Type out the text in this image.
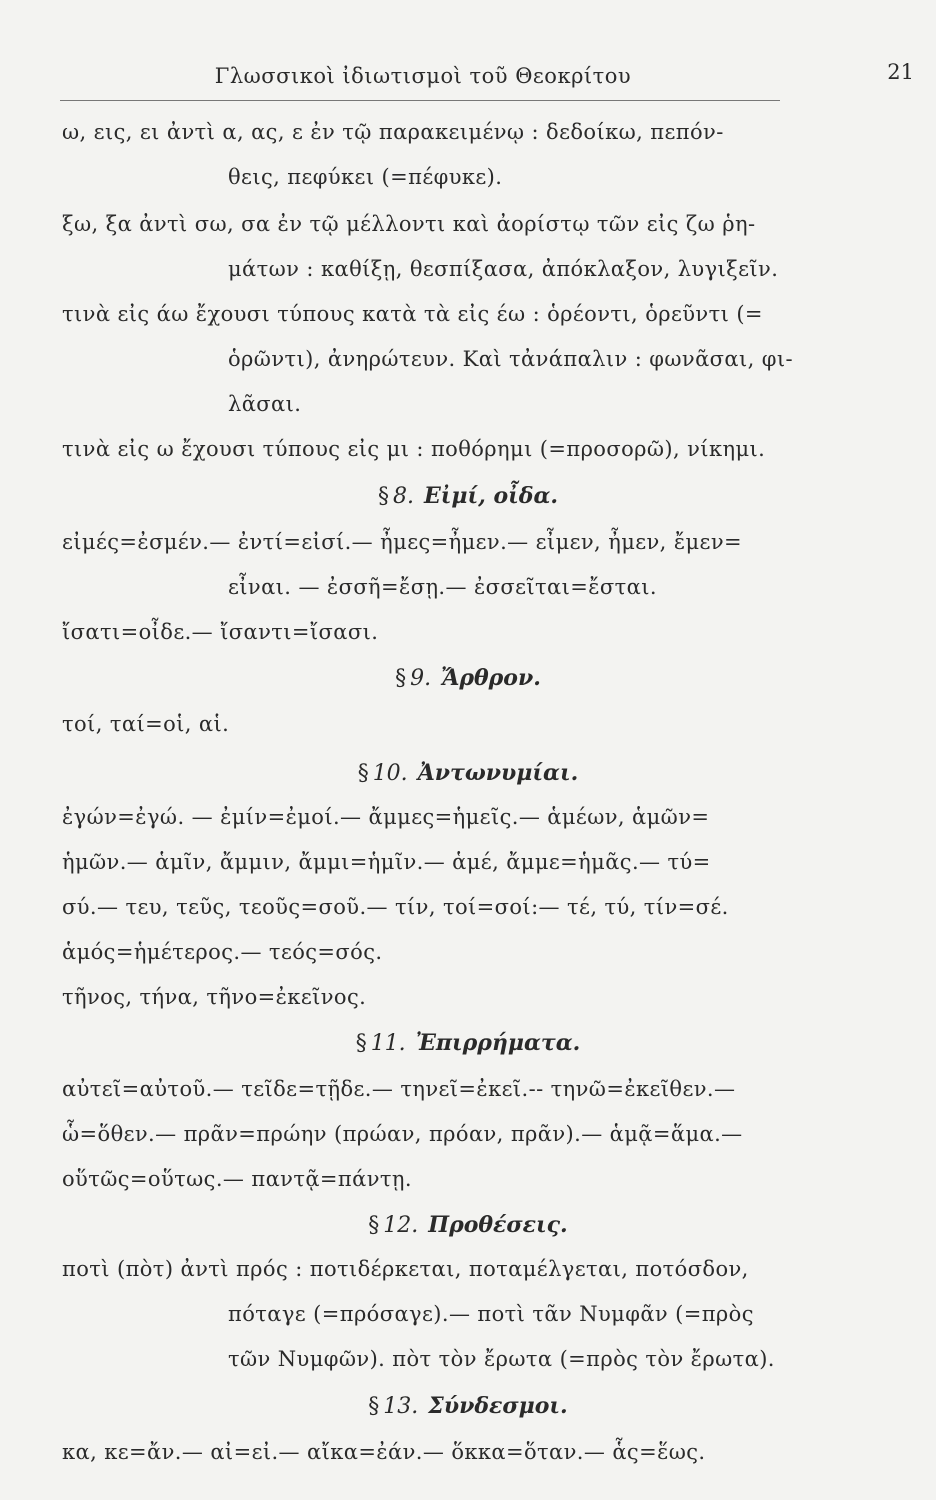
Γλωσσικοὶ ἰδιωτισμοὶ τοῦ Θεοκρίτου	21
ω, εις, ει ἀντὶ α, ας, ε ἐν τῷ παρακειμένῳ : δεδοίκω, πεπόν-
θεις, πεφύκει (=πέφυκε).
ξω, ξα ἀντὶ σω, σα ἐν τῷ μέλλοντι καὶ ἀορίστῳ τῶν εἰς ζω ῥη-
μάτων : καθίξῃ, θεσπίξασα, ἀπόκλαξον, λυγιξεῖν.
τινὰ εἰς άω ἔχουσι τύπους κατὰ τὰ εἰς έω : ὁρέοντι, ὁρεῦντι (=
ὁρῶντι), ἀνηρώτευν. Καὶ τἀνάπαλιν : φωνᾶσαι, φι-
λᾶσαι.
τινὰ εἰς ω ἔχουσι τύπους εἰς μι : ποθόρημι (=προσορῶ), νίκημι.
§ 8. Εἰμί, οἶδα.
εἰμές=ἐσμέν.— ἐντί=εἰσί.— ἦμες=ἦμεν.— εἶμεν, ἦμεν, ἔμεν=
εἶναι. — ἐσσῆ=ἔσῃ.— ἐσσεῖται=ἔσται.
ἴσατι=οἶδε.— ἴσαντι=ἴσασι.
§ 9. Ἄρθρον.
τοί, ταί=οἱ, αἱ.
§ 10. Ἀντωνυμίαι.
ἐγών=ἐγώ. — ἐμίν=ἐμοί.— ἄμμες=ἡμεῖς.— ἁμέων, ἁμῶν=
ἡμῶν.— ἁμῖν, ἄμμιν, ἄμμι=ἡμῖν.— ἁμέ, ἄμμε=ἡμᾶς.— τύ=
σύ.— τευ, τεῦς, τεοῦς=σοῦ.— τίν, τοί=σοί:— τέ, τύ, τίν=σέ.
ἁμός=ἡμέτερος.— τεός=σός.
τῆνος, τήνα, τῆνο=ἐκεῖνος.
§ 11. Ἐπιρρήματα.
αὐτεῖ=αὐτοῦ.— τεῖδε=τῇδε.— τηνεῖ=ἐκεῖ.-- τηνῶ=ἐκεῖθεν.—
ὧ=ὅθεν.— πρᾶν=πρώην (πρώαν, πρόαν, πρᾶν).— ἁμᾷ=ἅμα.—
οὕτῶς=οὕτως.— παντᾷ=πάντῃ.
§ 12. Προθέσεις.
ποτὶ (πὸτ) ἀντὶ πρός : ποτιδέρκεται, ποταμέλγεται, ποτόσδον,
πόταγε (=πρόσαγε).— ποτὶ τᾶν Νυμφᾶν (=πρὸς
τῶν Νυμφῶν). πὸτ τὸν ἔρωτα (=πρὸς τὸν ἔρωτα).
§ 13. Σύνδεσμοι.
κα, κε=ἄν.— αἰ=εἰ.— αἴκα=ἐάν.— ὅκκα=ὅταν.— ἇς=ἕως.
